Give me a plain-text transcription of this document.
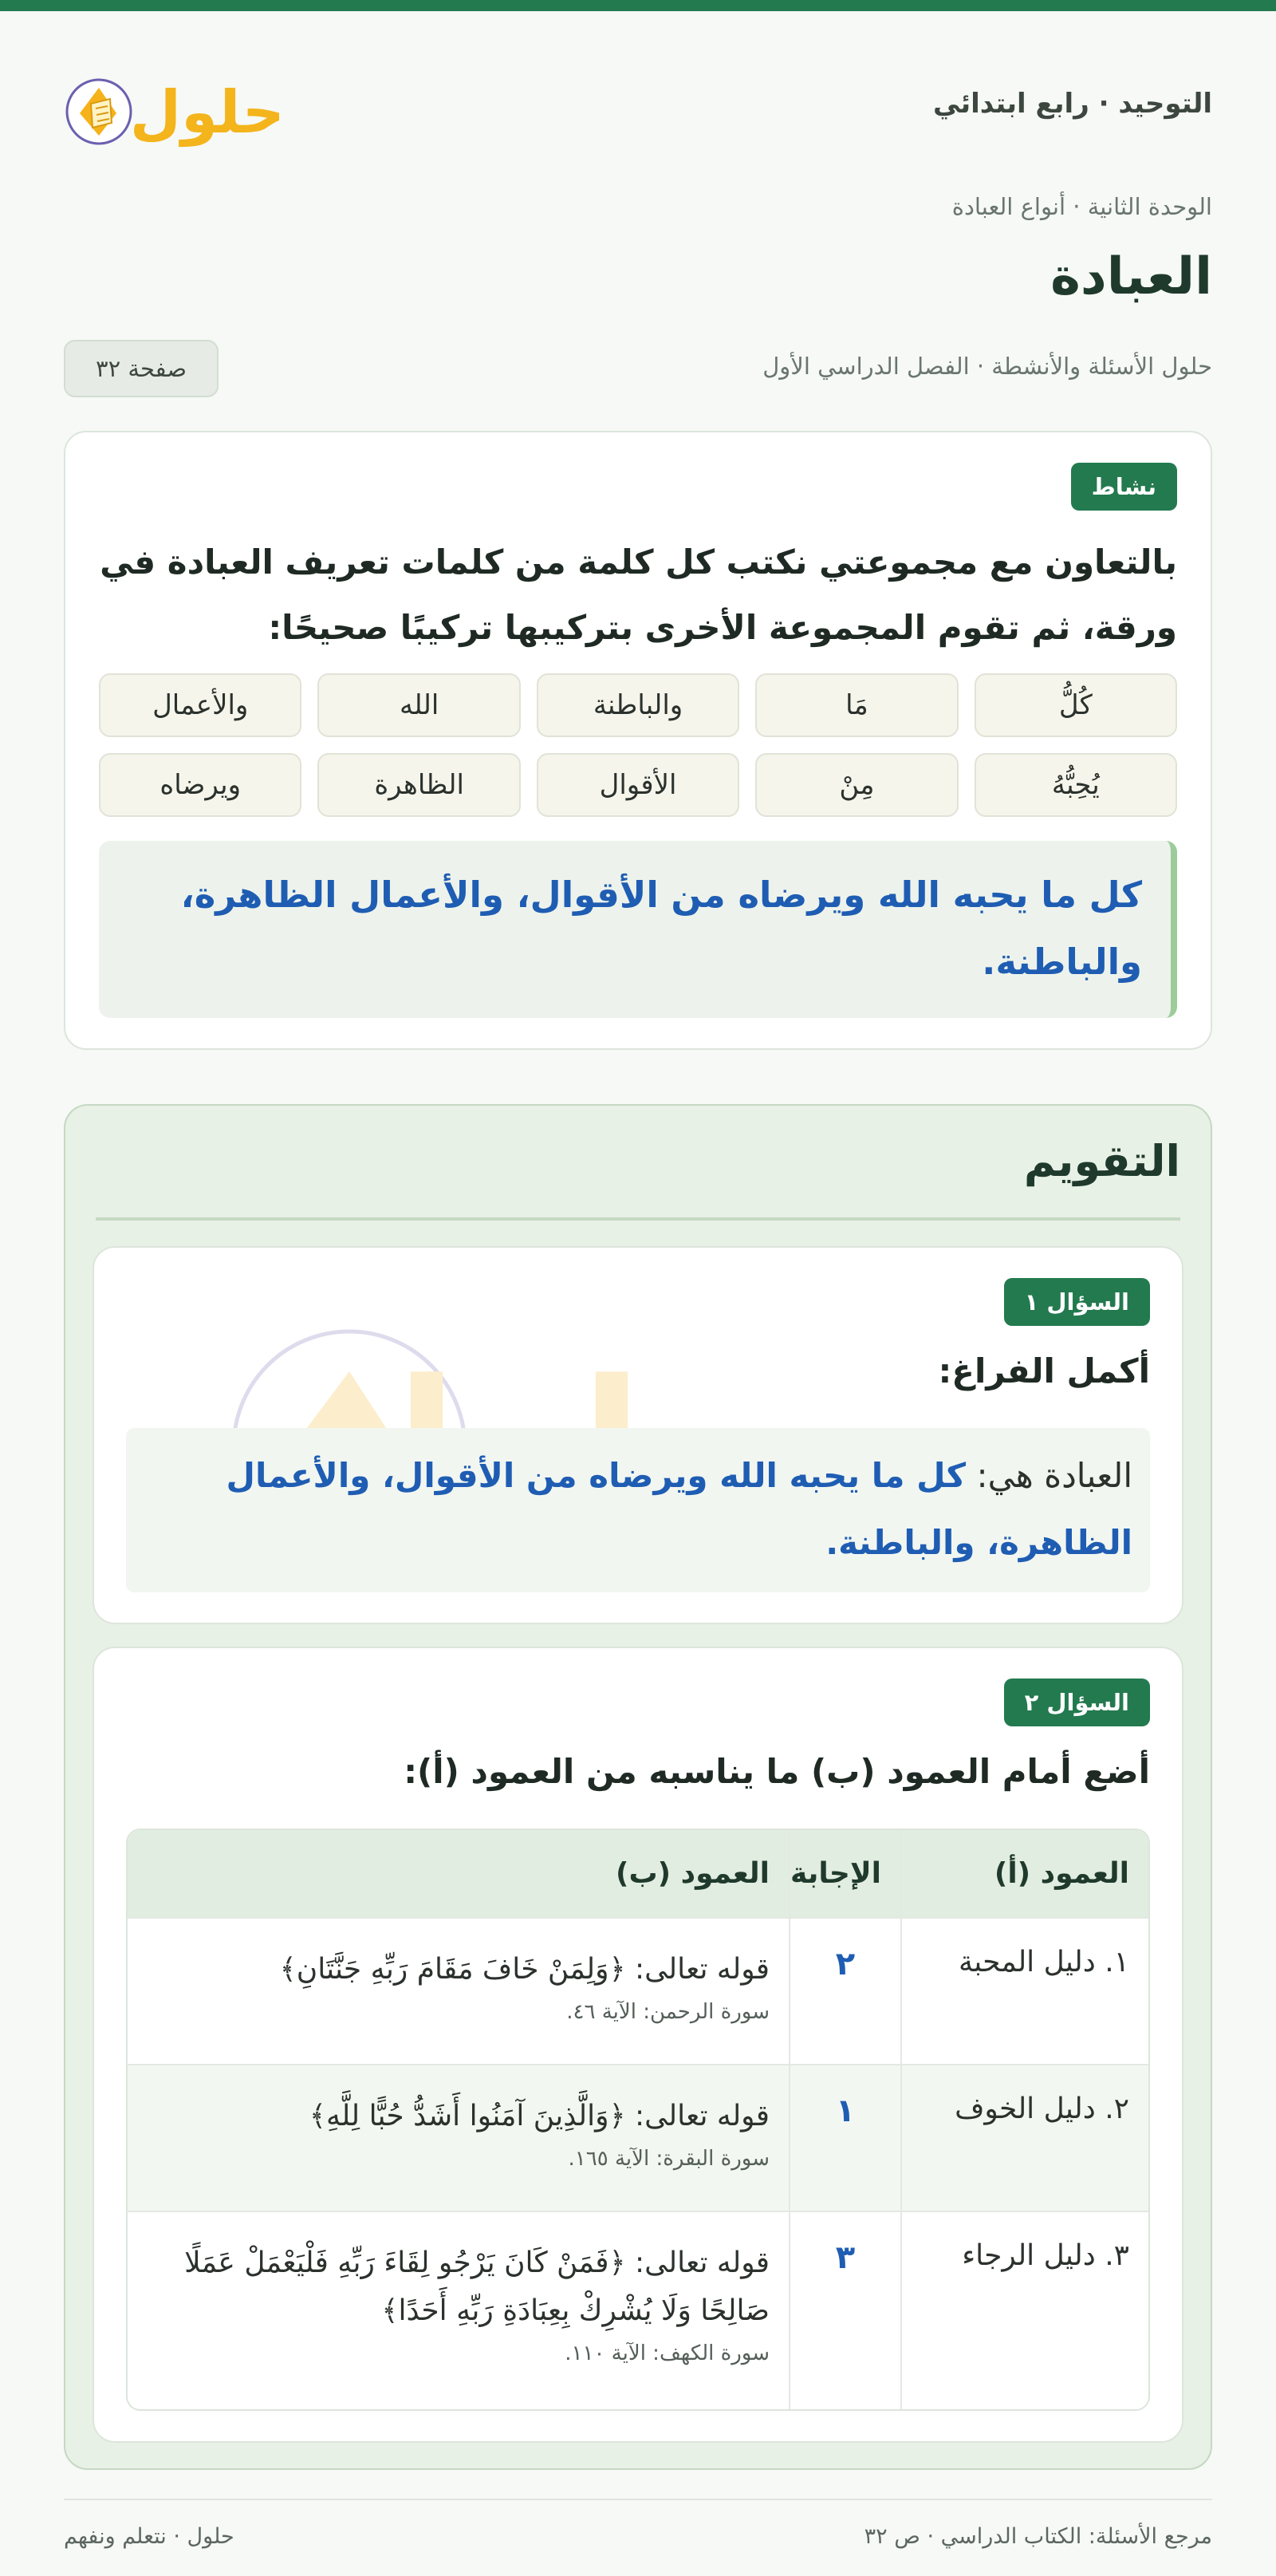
التوحيد · رابع ابتدائي
حلول
الوحدة الثانية · أنواع العبادة
العبادة
حلول الأسئلة والأنشطة · الفصل الدراسي الأول
صفحة ٣٢
نشاط
بالتعاون مع مجموعتي نكتب كل كلمة من كلمات تعريف العبادة في ورقة، ثم تقوم المجموعة الأخرى بتركيبها تركيبًا صحيحًا:
كُلُّ
مَا
والباطنة
الله
والأعمال
يُحِبُّهُ
مِنْ
الأقوال
الظاهرة
ويرضاه
كل ما يحبه الله ويرضاه من الأقوال، والأعمال الظاهرة، والباطنة.
التقويم
السؤال ١
أكمل الفراغ:
العبادة هي: كل ما يحبه الله ويرضاه من الأقوال، والأعمال الظاهرة، والباطنة.
السؤال ٢
أضع أمام العمود (ب) ما يناسبه من العمود (أ):
العمود (أ)	الإجابة	العمود (ب)
١. دليل المحبة	٢	قوله تعالى: ﴿وَلِمَنْ خَافَ مَقَامَ رَبِّهِ جَنَّتَانِ﴾
سورة الرحمن: الآية ٤٦.

٢. دليل الخوف	١	قوله تعالى: ﴿وَالَّذِينَ آمَنُوا أَشَدُّ حُبًّا لِلَّهِ﴾
سورة البقرة: الآية ١٦٥.

٣. دليل الرجاء	٣	قوله تعالى: ﴿فَمَنْ كَانَ يَرْجُو لِقَاءَ رَبِّهِ فَلْيَعْمَلْ عَمَلًا صَالِحًا وَلَا يُشْرِكْ بِعِبَادَةِ رَبِّهِ أَحَدًا﴾
سورة الكهف: الآية ١١٠.
مرجع الأسئلة: الكتاب الدراسي · ص ٣٢
حلول · نتعلم ونفهم
